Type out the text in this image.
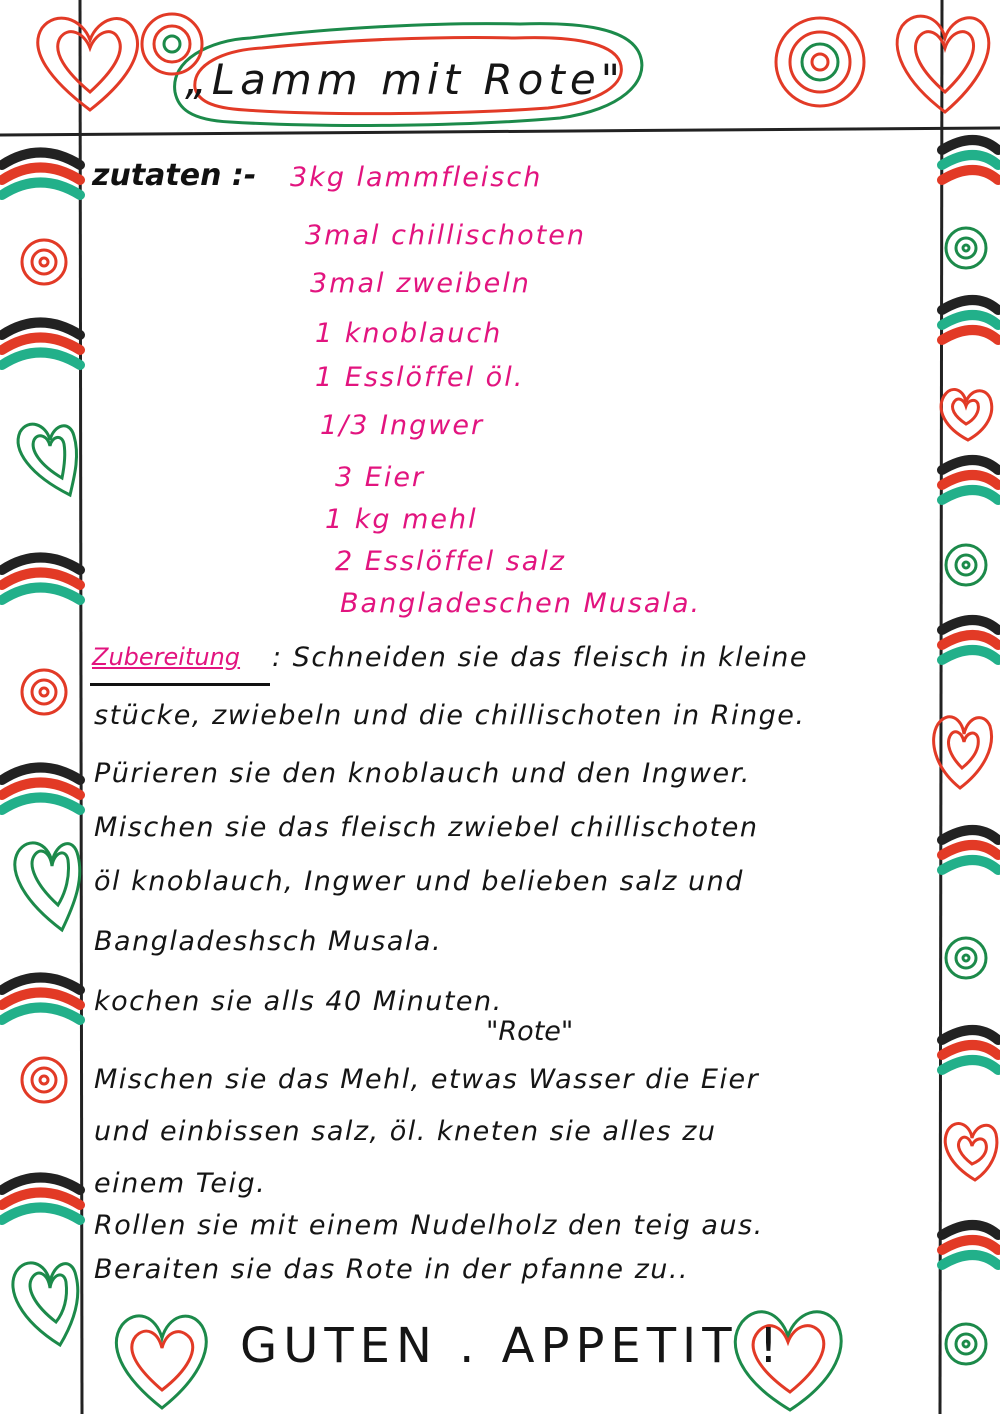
„Lamm mit Rote"
zutaten :- 3kg lammfleisch
3mal chillischoten
3mal zweibeln
1 knoblauch
1 Esslöffel öl.
1/3 Ingwer
3 Eier
1 kg mehl
2 Esslöffel salz
Bangladeschen Musala.
Zubereitung : Schneiden sie das fleisch in kleine
stücke, zwiebeln und die chillischoten in Ringe.
Pürieren sie den knoblauch und den Ingwer.
Mischen sie das fleisch zwiebel chillischoten
öl knoblauch, Ingwer und belieben salz und
Bangladeshsch Musala.
kochen sie alls 40 Minuten.
"Rote"
Mischen sie das Mehl, etwas Wasser die Eier
und einbissen salz, öl. kneten sie alles zu
einem Teig.
Rollen sie mit einem Nudelholz den teig aus.
Beraiten sie das Rote in der pfanne zu..
GUTEN . APPETIT !
